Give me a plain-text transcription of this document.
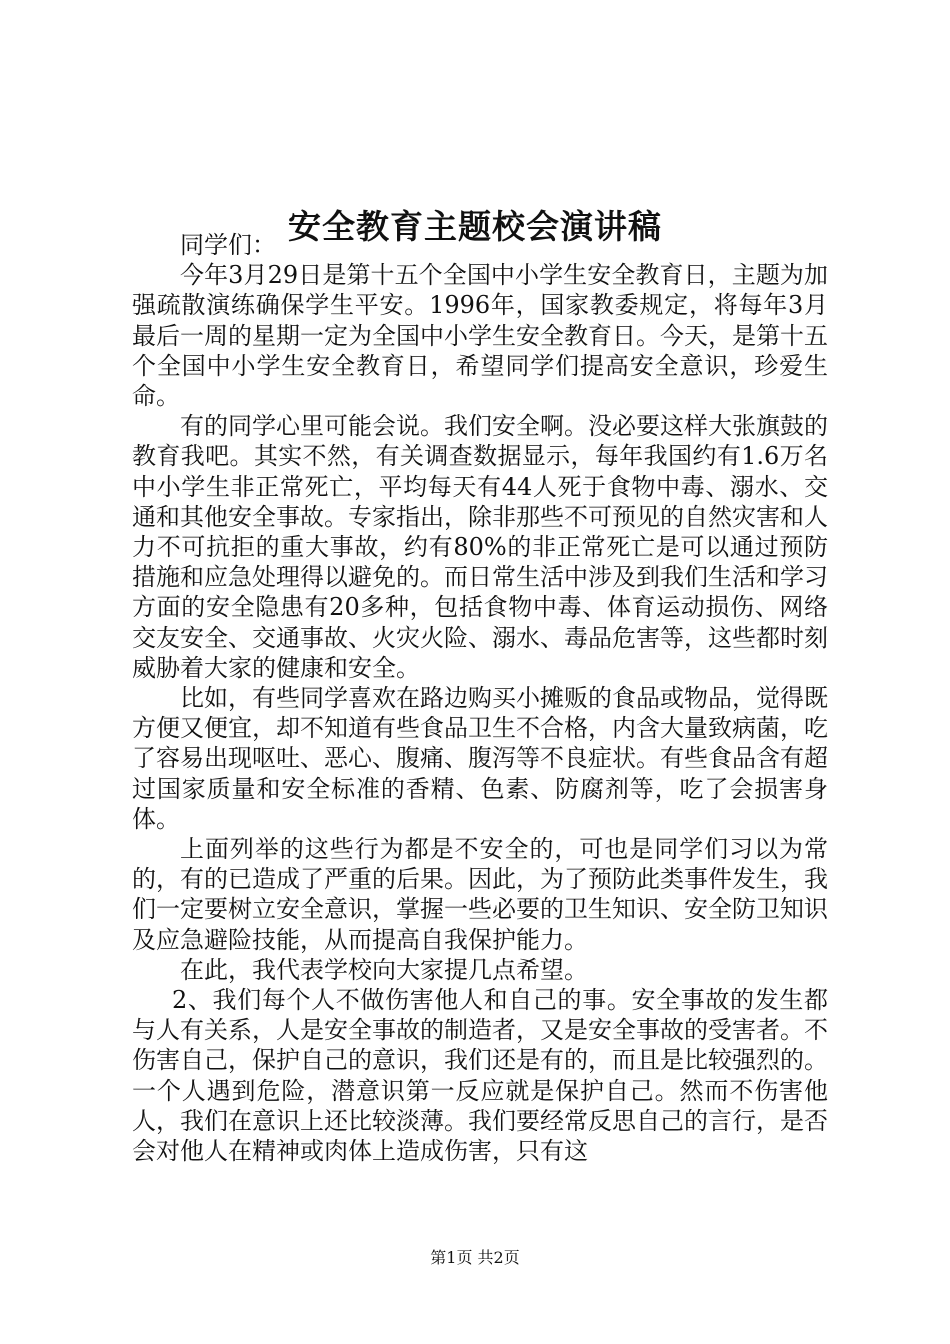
安全教育主题校会演讲稿

同学们：

今年3月29日是第十五个全国中小学生安全教育日，主题为加强疏散演练确保学生平安。1996年，国家教委规定，将每年3月最后一周的星期一定为全国中小学生安全教育日。今天，是第十五个全国中小学生安全教育日，希望同学们提高安全意识，珍爱生命。

有的同学心里可能会说。我们安全啊。没必要这样大张旗鼓的教育我吧。其实不然，有关调查数据显示，每年我国约有1.6万名中小学生非正常死亡，平均每天有44人死于食物中毒、溺水、交通和其他安全事故。专家指出，除非那些不可预见的自然灾害和人力不可抗拒的重大事故，约有80%的非正常死亡是可以通过预防措施和应急处理得以避免的。而日常生活中涉及到我们生活和学习方面的安全隐患有20多种，包括食物中毒、体育运动损伤、网络交友安全、交通事故、火灾火险、溺水、毒品危害等，这些都时刻威胁着大家的健康和安全。

比如，有些同学喜欢在路边购买小摊贩的食品或物品，觉得既方便又便宜，却不知道有些食品卫生不合格，内含大量致病菌，吃了容易出现呕吐、恶心、腹痛、腹泻等不良症状。有些食品含有超过国家质量和安全标准的香精、色素、防腐剂等，吃了会损害身体。

上面列举的这些行为都是不安全的，可也是同学们习以为常的，有的已造成了严重的后果。因此，为了预防此类事件发生，我们一定要树立安全意识，掌握一些必要的卫生知识、安全防卫知识及应急避险技能，从而提高自我保护能力。

在此，我代表学校向大家提几点希望。

2、我们每个人不做伤害他人和自己的事。安全事故的发生都与人有关系，人是安全事故的制造者，又是安全事故的受害者。不伤害自己，保护自己的意识，我们还是有的，而且是比较强烈的。一个人遇到危险，潜意识第一反应就是保护自己。然而不伤害他人，我们在意识上还比较淡薄。我们要经常反思自己的言行，是否会对他人在精神或肉体上造成伤害，只有这

第1页 共2页
